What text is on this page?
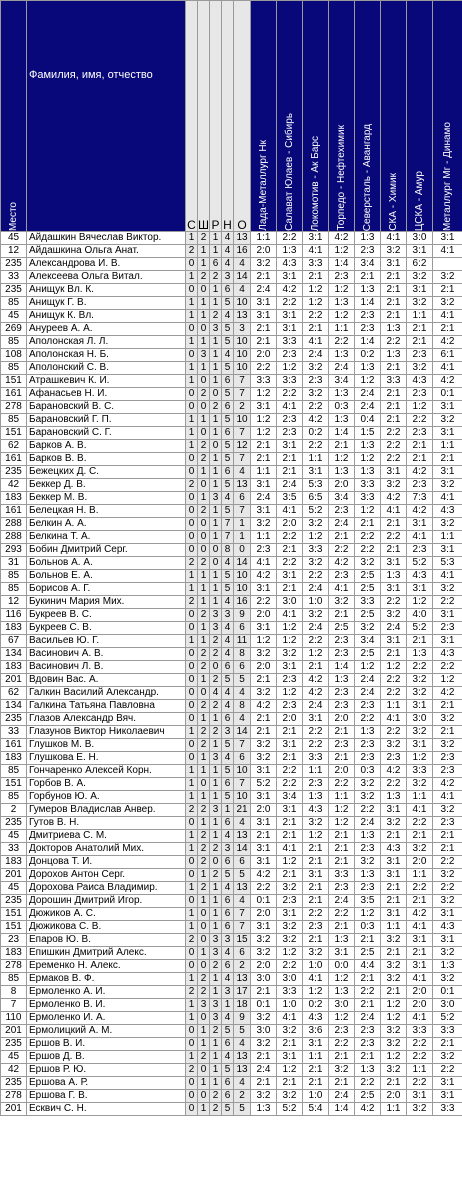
Место	Фамилия, имя, отчество	С	Ш	Р	Н	О	Лада-Металлург Нк	Салават Юлаев - Сибирь	Локомотив - Ак Барс	Торпедо - Нефтехимик	Северсталь - Авангард	СКА - Химик	ЦСКА - Амур	Металлург Мг - Динамо

45	Айдашкин Вячеслав Виктор.	1	2	1	4	13	1:1	2:2	3:1	4:2	1:3	4:1	3:0	3:1
12	Айдашкина Ольга Анат.	2	1	1	4	16	2:0	1:3	4:1	1:2	2:3	3:2	3:1	4:1
235	Александрова И. В.	0	1	6	4	4	3:2	4:3	3:3	1:4	3:4	3:1	6:2	
33	Алексеева Ольга Витал.	1	2	2	3	14	2:1	3:1	2:1	2:3	2:1	2:1	3:2	3:2
235	Анищук Вл. К.	0	0	1	6	4	2:4	4:2	1:2	1:2	1:3	2:1	3:1	2:1
85	Анищук Г. В.	1	1	1	5	10	3:1	2:2	1:2	1:3	1:4	2:1	3:2	3:2
45	Анищук К. Вл.	1	1	2	4	13	3:1	3:1	2:2	1:2	2:3	2:1	1:1	4:1
269	Ануреев А. А.	0	0	3	5	3	2:1	3:1	2:1	1:1	2:3	1:3	2:1	2:1
85	Аполонская Л. Л.	1	1	1	5	10	2:1	3:3	4:1	2:2	1:4	2:2	2:1	4:2
108	Аполонская Н. Б.	0	3	1	4	10	2:0	2:3	2:4	1:3	0:2	1:3	2:3	6:1
85	Аполонский С. В.	1	1	1	5	10	2:2	1:2	3:2	2:4	1:3	2:1	3:2	4:1
151	Атрашкевич К. И.	1	0	1	6	7	3:3	3:3	2:3	3:4	1:2	3:3	4:3	4:2
161	Афанасьев Н. И.	0	2	0	5	7	1:2	2:2	3:2	1:3	2:4	2:1	2:3	0:1
278	Барановский В. С.	0	0	2	6	2	3:1	4:1	2:2	0:3	2:4	2:1	1:2	3:1
85	Барановский Г. П.	1	1	1	5	10	1:2	2:3	4:2	1:3	0:4	2:1	2:2	3:2
151	Барановский С. Г.	1	0	1	6	7	1:2	2:3	0:2	1:4	1:5	2:2	2:3	3:1
62	Барков А. В.	1	2	0	5	12	2:1	3:1	2:2	2:1	1:3	2:2	2:1	1:1
161	Барков В. В.	0	2	1	5	7	2:1	2:1	1:1	1:2	1:2	2:2	2:1	2:1
235	Бежецких Д. С.	0	1	1	6	4	1:1	2:1	3:1	1:3	1:3	3:1	4:2	3:1
42	Беккер Д. В.	2	0	1	5	13	3:1	2:4	5:3	2:0	3:3	3:2	2:3	3:2
183	Беккер М. В.	0	1	3	4	6	2:4	3:5	6:5	3:4	3:3	4:2	7:3	4:1
161	Белецкая Н. В.	0	2	1	5	7	3:1	4:1	5:2	2:3	1:2	4:1	4:2	4:3
288	Белкин А. А.	0	0	1	7	1	3:2	2:0	3:2	2:4	2:1	2:1	3:1	3:2
288	Белкина Т. А.	0	0	1	7	1	1:1	2:2	1:2	2:1	2:2	2:2	4:1	1:1
293	Бобин Дмитрий Серг.	0	0	0	8	0	2:3	2:1	3:3	2:2	2:2	2:1	2:3	3:1
31	Больнов А. А.	2	2	0	4	14	4:1	2:2	3:2	4:2	3:2	3:1	5:2	5:3
85	Больнов Е. А.	1	1	1	5	10	4:2	3:1	2:2	2:3	2:5	1:3	4:3	4:1
85	Борисов А. Г.	1	1	1	5	10	3:1	2:1	2:4	4:1	2:5	3:1	3:1	3:2
12	Букинич Мария Мих.	2	1	1	4	16	2:2	3:0	1:0	3:2	3:3	2:2	1:2	2:2
116	Букреев В. С.	0	2	3	3	9	2:0	4:1	3:2	2:1	2:5	3:2	4:0	3:1
183	Букреев С. В.	0	1	3	4	6	3:1	1:2	2:4	2:5	3:2	2:4	5:2	2:3
67	Васильев Ю. Г.	1	1	2	4	11	1:2	1:2	2:2	2:3	3:4	3:1	2:1	3:1
134	Васинович А. В.	0	2	2	4	8	3:2	3:2	1:2	2:3	2:5	2:1	1:3	4:3
183	Васинович Л. В.	0	2	0	6	6	2:0	3:1	2:1	1:4	1:2	1:2	2:2	2:2
201	Вдовин Вас. А.	0	1	2	5	5	2:1	2:3	4:2	1:3	2:4	2:2	3:2	1:2
62	Галкин Василий Александр.	0	0	4	4	4	3:2	1:2	4:2	2:3	2:4	2:2	3:2	4:2
134	Галкина Татьяна Павловна	0	2	2	4	8	4:2	2:3	2:4	2:3	2:3	1:1	3:1	2:1
235	Глазов Александр Вяч.	0	1	1	6	4	2:1	2:0	3:1	2:0	2:2	4:1	3:0	3:2
33	Глазунов Виктор Николаевич	1	2	2	3	14	2:1	2:1	2:2	2:1	1:3	2:2	3:2	2:1
161	Глушков М. В.	0	2	1	5	7	3:2	3:1	2:2	2:3	2:3	3:2	3:1	3:2
183	Глушкова Е. Н.	0	1	3	4	6	3:2	2:1	3:3	2:1	2:3	2:3	1:2	2:3
85	Гончаренко Алексей Корн.	1	1	1	5	10	3:1	2:2	1:1	2:0	0:3	4:2	3:3	2:3
151	Горбов В. А.	1	0	1	6	7	5:2	2:2	2:3	2:2	3:2	2:2	3:2	4:2
85	Горбунов Ю. А.	1	1	1	5	10	3:1	3:4	1:3	1:1	3:2	1:3	1:1	4:1
2	Гумеров Владислав Анвер.	2	2	3	1	21	2:0	3:1	4:3	1:2	2:2	3:1	4:1	3:2
235	Гутов В. Н.	0	1	1	6	4	3:1	2:1	3:2	1:2	2:4	3:2	2:2	2:3
45	Дмитриева С. М.	1	2	1	4	13	2:1	2:1	1:2	2:1	1:3	2:1	2:1	2:1
33	Докторов Анатолий Мих.	1	2	2	3	14	3:1	4:1	2:1	2:1	2:3	4:3	3:2	2:1
183	Донцова Т. И.	0	2	0	6	6	3:1	1:2	2:1	2:1	3:2	3:1	2:0	2:2
201	Дорохов Антон Серг.	0	1	2	5	5	4:2	2:1	3:1	3:3	1:3	3:1	1:1	3:2
45	Дорохова Раиса Владимир.	1	2	1	4	13	2:2	3:2	2:1	2:3	2:3	2:1	2:2	2:2
235	Дорошин Дмитрий Игор.	0	1	1	6	4	0:1	2:3	2:1	2:4	3:5	2:1	2:1	3:2
151	Дюжиков А. С.	1	0	1	6	7	2:0	3:1	2:2	2:2	1:2	3:1	4:2	3:1
151	Дюжикова С. В.	1	0	1	6	7	3:1	3:2	2:3	2:1	0:3	1:1	4:1	4:3
23	Епаров Ю. В.	2	0	3	3	15	3:2	3:2	2:1	1:3	2:1	3:2	3:1	3:1
183	Епишкин Дмитрий Алекс.	0	1	3	4	6	3:2	1:2	3:2	3:1	2:5	2:1	2:1	3:2
278	Еременко Н. Алекс.	0	0	2	6	2	2:0	2:2	1:0	0:0	4:4	3:2	3:1	1:3
85	Ермаков В. Ф.	1	2	1	4	13	3:0	3:0	4:1	1:2	2:1	3:2	4:1	3:2
8	Ермоленко А. И.	2	2	1	3	17	2:1	3:3	1:2	1:3	2:2	2:1	2:0	0:1
7	Ермоленко В. И.	1	3	3	1	18	0:1	1:0	0:2	3:0	2:1	1:2	2:0	3:0
110	Ермоленко И. А.	1	0	3	4	9	3:2	4:1	4:3	1:2	2:4	1:2	4:1	5:2
201	Ермолицкий А. М.	0	1	2	5	5	3:0	3:2	3:6	2:3	2:3	3:2	3:3	3:3
235	Ершов В. И.	0	1	1	6	4	3:2	2:1	3:1	2:2	2:3	3:2	2:2	2:1
45	Ершов Д. В.	1	2	1	4	13	2:1	3:1	1:1	2:1	2:1	1:2	2:2	3:2
42	Ершов Р. Ю.	2	0	1	5	13	2:4	1:2	2:1	3:2	1:3	3:2	1:1	2:2
235	Ершова А. Р.	0	1	1	6	4	2:1	2:1	2:1	2:1	2:2	2:1	2:2	3:1
278	Ершова Г. В.	0	0	2	6	2	3:2	3:2	1:0	2:4	2:5	2:0	3:1	3:1
201	Есквич С. Н.	0	1	2	5	5	1:3	5:2	5:4	1:4	4:2	1:1	3:2	3:3
